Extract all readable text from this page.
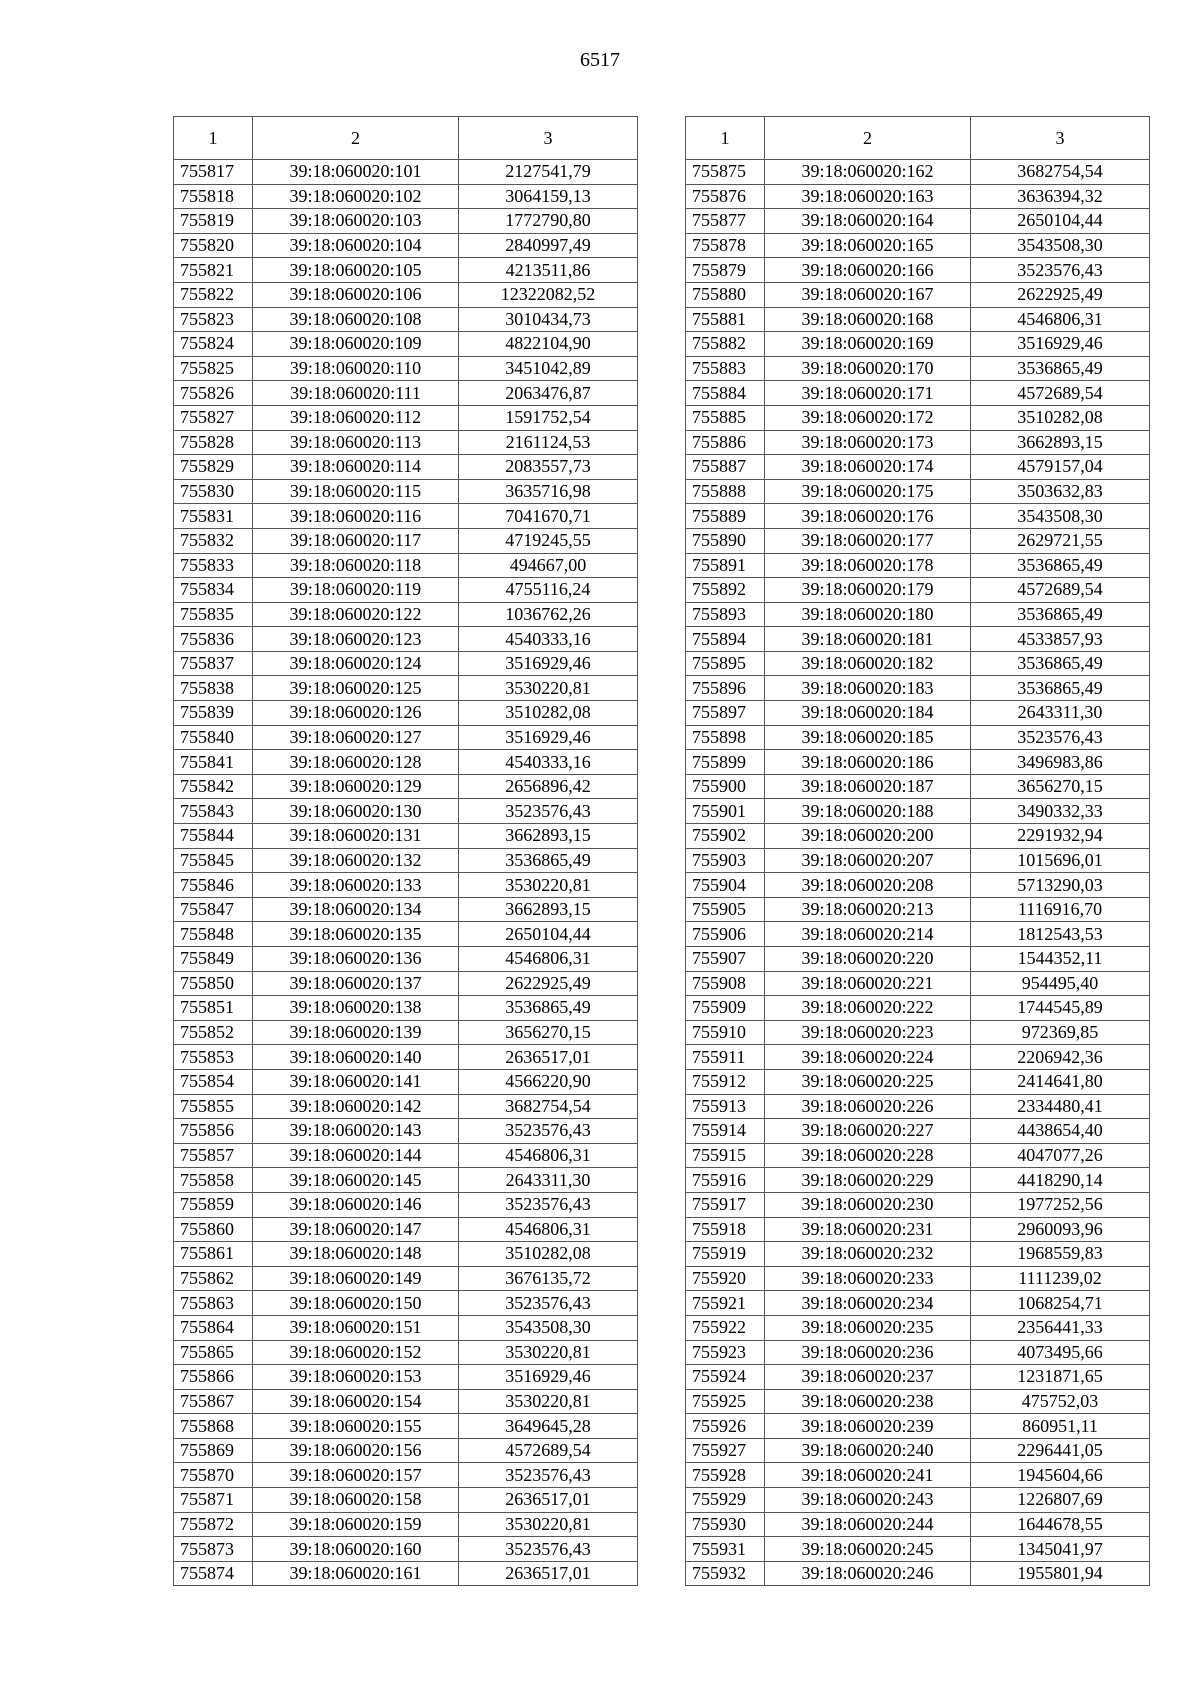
6517
1	2	3
755817	39:18:060020:101	2127541,79
755818	39:18:060020:102	3064159,13
755819	39:18:060020:103	1772790,80
755820	39:18:060020:104	2840997,49
755821	39:18:060020:105	4213511,86
755822	39:18:060020:106	12322082,52
755823	39:18:060020:108	3010434,73
755824	39:18:060020:109	4822104,90
755825	39:18:060020:110	3451042,89
755826	39:18:060020:111	2063476,87
755827	39:18:060020:112	1591752,54
755828	39:18:060020:113	2161124,53
755829	39:18:060020:114	2083557,73
755830	39:18:060020:115	3635716,98
755831	39:18:060020:116	7041670,71
755832	39:18:060020:117	4719245,55
755833	39:18:060020:118	494667,00
755834	39:18:060020:119	4755116,24
755835	39:18:060020:122	1036762,26
755836	39:18:060020:123	4540333,16
755837	39:18:060020:124	3516929,46
755838	39:18:060020:125	3530220,81
755839	39:18:060020:126	3510282,08
755840	39:18:060020:127	3516929,46
755841	39:18:060020:128	4540333,16
755842	39:18:060020:129	2656896,42
755843	39:18:060020:130	3523576,43
755844	39:18:060020:131	3662893,15
755845	39:18:060020:132	3536865,49
755846	39:18:060020:133	3530220,81
755847	39:18:060020:134	3662893,15
755848	39:18:060020:135	2650104,44
755849	39:18:060020:136	4546806,31
755850	39:18:060020:137	2622925,49
755851	39:18:060020:138	3536865,49
755852	39:18:060020:139	3656270,15
755853	39:18:060020:140	2636517,01
755854	39:18:060020:141	4566220,90
755855	39:18:060020:142	3682754,54
755856	39:18:060020:143	3523576,43
755857	39:18:060020:144	4546806,31
755858	39:18:060020:145	2643311,30
755859	39:18:060020:146	3523576,43
755860	39:18:060020:147	4546806,31
755861	39:18:060020:148	3510282,08
755862	39:18:060020:149	3676135,72
755863	39:18:060020:150	3523576,43
755864	39:18:060020:151	3543508,30
755865	39:18:060020:152	3530220,81
755866	39:18:060020:153	3516929,46
755867	39:18:060020:154	3530220,81
755868	39:18:060020:155	3649645,28
755869	39:18:060020:156	4572689,54
755870	39:18:060020:157	3523576,43
755871	39:18:060020:158	2636517,01
755872	39:18:060020:159	3530220,81
755873	39:18:060020:160	3523576,43
755874	39:18:060020:161	2636517,01
1	2	3
755875	39:18:060020:162	3682754,54
755876	39:18:060020:163	3636394,32
755877	39:18:060020:164	2650104,44
755878	39:18:060020:165	3543508,30
755879	39:18:060020:166	3523576,43
755880	39:18:060020:167	2622925,49
755881	39:18:060020:168	4546806,31
755882	39:18:060020:169	3516929,46
755883	39:18:060020:170	3536865,49
755884	39:18:060020:171	4572689,54
755885	39:18:060020:172	3510282,08
755886	39:18:060020:173	3662893,15
755887	39:18:060020:174	4579157,04
755888	39:18:060020:175	3503632,83
755889	39:18:060020:176	3543508,30
755890	39:18:060020:177	2629721,55
755891	39:18:060020:178	3536865,49
755892	39:18:060020:179	4572689,54
755893	39:18:060020:180	3536865,49
755894	39:18:060020:181	4533857,93
755895	39:18:060020:182	3536865,49
755896	39:18:060020:183	3536865,49
755897	39:18:060020:184	2643311,30
755898	39:18:060020:185	3523576,43
755899	39:18:060020:186	3496983,86
755900	39:18:060020:187	3656270,15
755901	39:18:060020:188	3490332,33
755902	39:18:060020:200	2291932,94
755903	39:18:060020:207	1015696,01
755904	39:18:060020:208	5713290,03
755905	39:18:060020:213	1116916,70
755906	39:18:060020:214	1812543,53
755907	39:18:060020:220	1544352,11
755908	39:18:060020:221	954495,40
755909	39:18:060020:222	1744545,89
755910	39:18:060020:223	972369,85
755911	39:18:060020:224	2206942,36
755912	39:18:060020:225	2414641,80
755913	39:18:060020:226	2334480,41
755914	39:18:060020:227	4438654,40
755915	39:18:060020:228	4047077,26
755916	39:18:060020:229	4418290,14
755917	39:18:060020:230	1977252,56
755918	39:18:060020:231	2960093,96
755919	39:18:060020:232	1968559,83
755920	39:18:060020:233	1111239,02
755921	39:18:060020:234	1068254,71
755922	39:18:060020:235	2356441,33
755923	39:18:060020:236	4073495,66
755924	39:18:060020:237	1231871,65
755925	39:18:060020:238	475752,03
755926	39:18:060020:239	860951,11
755927	39:18:060020:240	2296441,05
755928	39:18:060020:241	1945604,66
755929	39:18:060020:243	1226807,69
755930	39:18:060020:244	1644678,55
755931	39:18:060020:245	1345041,97
755932	39:18:060020:246	1955801,94
